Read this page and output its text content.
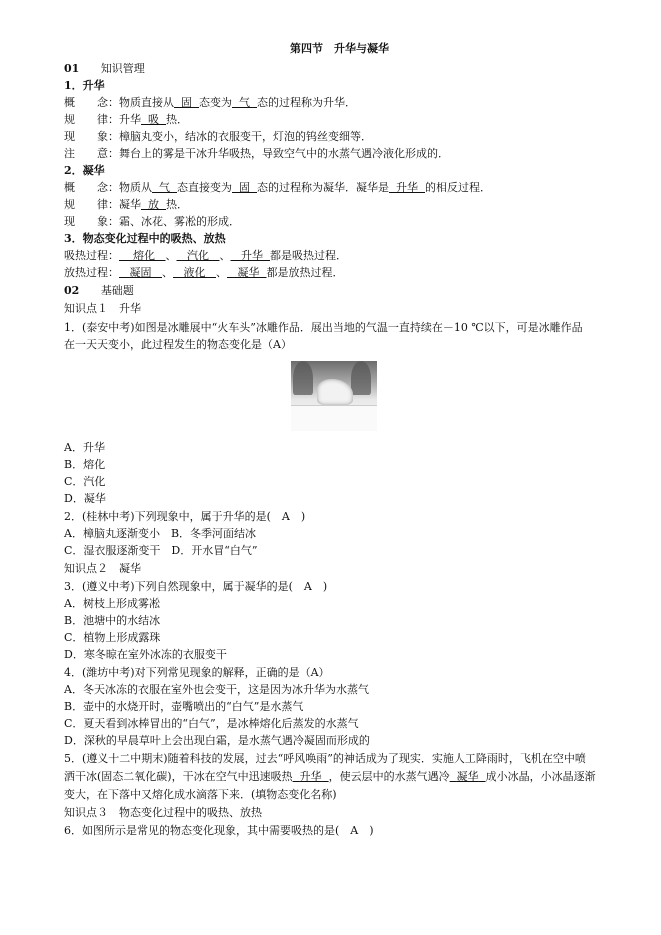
第四节　升华与凝华
01 知识管理
1．升华
概　　念：物质直接从 固 态变为 气 态的过程称为升华．
规　　律：升华 吸 热．
现　　象：樟脑丸变小，结冰的衣服变干，灯泡的钨丝变细等．
注　　意：舞台上的雾是干冰升华吸热，导致空气中的水蒸气遇冷液化形成的．
2．凝华
概　　念：物质从 气 态直接变为 固 态的过程称为凝华．凝华是 升华 的相反过程．
规　　律：凝华 放 热．
现　　象：霜、冰花、雾凇的形成．
3．物态变化过程中的吸热、放热
吸热过程： 熔化 、 汽化 、 升华 都是吸热过程．
放热过程： 凝固 、 液化 、 凝华 都是放热过程．
02 基础题
知识点１　升华
1．(泰安中考)如图是冰雕展中“火车头”冰雕作品．展出当地的气温一直持续在－10 ℃以下，可是冰雕作品
在一天天变小，此过程发生的物态变化是（A）
A．升华
B．熔化
C．汽化
D．凝华
2．(桂林中考)下列现象中，属于升华的是(　A　)
A．樟脑丸逐渐变小　B．冬季河面结冰
C．湿衣服逐渐变干　D．开水冒“白气”
知识点２　凝华
3．(遵义中考)下列自然现象中，属于凝华的是(　A　)
A．树枝上形成雾凇
B．池塘中的水结冰
C．植物上形成露珠
D．寒冬晾在室外冰冻的衣服变干
4．(潍坊中考)对下列常见现象的解释，正确的是（A）
A．冬天冰冻的衣服在室外也会变干，这是因为冰升华为水蒸气
B．壶中的水烧开时，壶嘴喷出的“白气”是水蒸气
C．夏天看到冰棒冒出的“白气”，是冰棒熔化后蒸发的水蒸气
D．深秋的早晨草叶上会出现白霜，是水蒸气遇冷凝固而形成的
5．(遵义十二中期末)随着科技的发展，过去“呼风唤雨”的神话成为了现实．实施人工降雨时，飞机在空中喷
洒干冰(固态二氧化碳)，干冰在空气中迅速吸热 升华 ，使云层中的水蒸气遇冷 凝华 成小冰晶，小冰晶逐渐
变大，在下落中又熔化成水滴落下来．(填物态变化名称)
知识点３　物态变化过程中的吸热、放热
6．如图所示是常见的物态变化现象，其中需要吸热的是(　A　)
